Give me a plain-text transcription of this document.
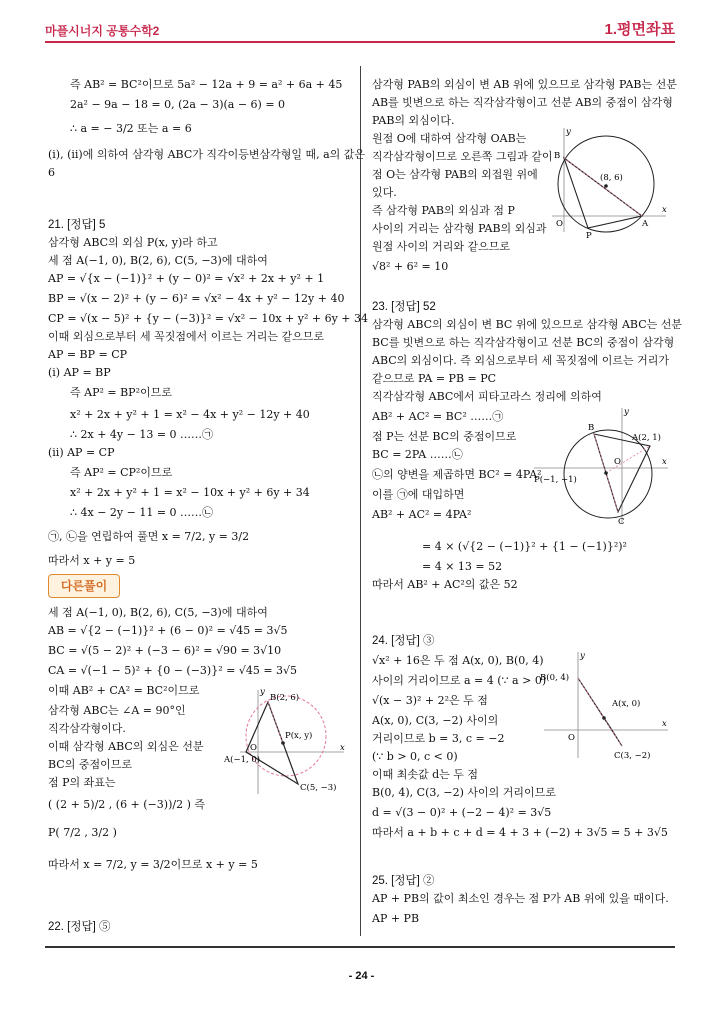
마플시너지 공통수학2	1.평면좌표
즉 AB² = BC²이므로 5a² − 12a + 9 = a² + 6a + 45
2a² − 9a − 18 = 0, (2a − 3)(a − 6) = 0
∴ a = − 3/2 또는 a = 6
(ⅰ), (ⅱ)에 의하여 삼각형 ABC가 직각이등변삼각형일 때, a의 값은
6
21. [정답] 5
삼각형 ABC의 외심 P(x, y)라 하고
세 점 A(−1, 0), B(2, 6), C(5, −3)에 대하여
AP = √{x − (−1)}² + (y − 0)² = √x² + 2x + y² + 1
BP = √(x − 2)² + (y − 6)² = √x² − 4x + y² − 12y + 40
CP = √(x − 5)² + {y − (−3)}² = √x² − 10x + y² + 6y + 34
이때 외심으로부터 세 꼭짓점에서 이르는 거리는 같으므로
AP = BP = CP
(ⅰ) AP = BP
즉 AP² = BP²이므로
x² + 2x + y² + 1 = x² − 4x + y² − 12y + 40
∴ 2x + 4y − 13 = 0 ……㉠
(ⅱ) AP = CP
즉 AP² = CP²이므로
x² + 2x + y² + 1 = x² − 10x + y² + 6y + 34
∴ 4x − 2y − 11 = 0 ……㉡
㉠, ㉡을 연립하여 풀면 x = 7/2, y = 3/2
따라서 x + y = 5
다른풀이
세 점 A(−1, 0), B(2, 6), C(5, −3)에 대하여
AB = √{2 − (−1)}² + (6 − 0)² = √45 = 3√5
BC = √(5 − 2)² + (−3 − 6)² = √90 = 3√10
CA = √(−1 − 5)² + {0 − (−3)}² = √45 = 3√5
이때 AB² + CA² = BC²이므로
삼각형 ABC는 ∠A = 90°인
직각삼각형이다.
이때 삼각형 ABC의 외심은 선분
BC의 중점이므로
점 P의 좌표는
( (2 + 5)/2 , (6 + (−3))/2 ) 즉
P( 7/2 , 3/2 )
따라서 x = 7/2, y = 3/2이므로 x + y = 5
22. [정답] ⑤
B(2, 6)
P(x, y)
O
A(−1, 0)
C(5, −3)
x
y
삼각형 PAB의 외심이 변 AB 위에 있으므로 삼각형 PAB는 선분
AB를 빗변으로 하는 직각삼각형이고 선분 AB의 중점이 삼각형
PAB의 외심이다.
원점 O에 대하여 삼각형 OAB는
직각삼각형이므로 오른쪽 그림과 같이
점 O는 삼각형 PAB의 외접원 위에
있다.
즉 삼각형 PAB의 외심과 점 P
사이의 거리는 삼각형 PAB의 외심과
원점 사이의 거리와 같으므로
√8² + 6² = 10
y
B
(8, 6)
O
P
A
x
23. [정답] 52
삼각형 ABC의 외심이 변 BC 위에 있으므로 삼각형 ABC는 선분
BC를 빗변으로 하는 직각삼각형이고 선분 BC의 중점이 삼각형
ABC의 외심이다. 즉 외심으로부터 세 꼭짓점에 이르는 거리가
같으므로 PA = PB = PC
직각삼각형 ABC에서 피타고라스 정리에 의하여
AB² + AC² = BC² ……㉠
점 P는 선분 BC의 중점이므로
BC = 2PA ……㉡
㉡의 양변을 제곱하면 BC² = 4PA²
이를 ㉠에 대입하면
AB² + AC² = 4PA²
= 4 × (√{2 − (−1)}² + {1 − (−1)}²)²
= 4 × 13 = 52
따라서 AB² + AC²의 값은 52
y
B
A(2, 1)
O
P(−1, −1)
C
x
24. [정답] ③
√x² + 16은 두 점 A(x, 0), B(0, 4)
사이의 거리이므로 a = 4 (∵ a > 0)
√(x − 3)² + 2²은 두 점
A(x, 0), C(3, −2) 사이의
거리이므로 b = 3, c = −2
(∵ b > 0, c < 0)
이때 최솟값 d는 두 점
B(0, 4), C(3, −2) 사이의 거리이므로
d = √(3 − 0)² + (−2 − 4)² = 3√5
따라서 a + b + c + d = 4 + 3 + (−2) + 3√5 = 5 + 3√5
y
B(0, 4)
A(x, 0)
O
C(3, −2)
x
25. [정답] ②
AP + PB의 값이 최소인 경우는 점 P가 AB 위에 있을 때이다.
AP + PB
- 24 -
